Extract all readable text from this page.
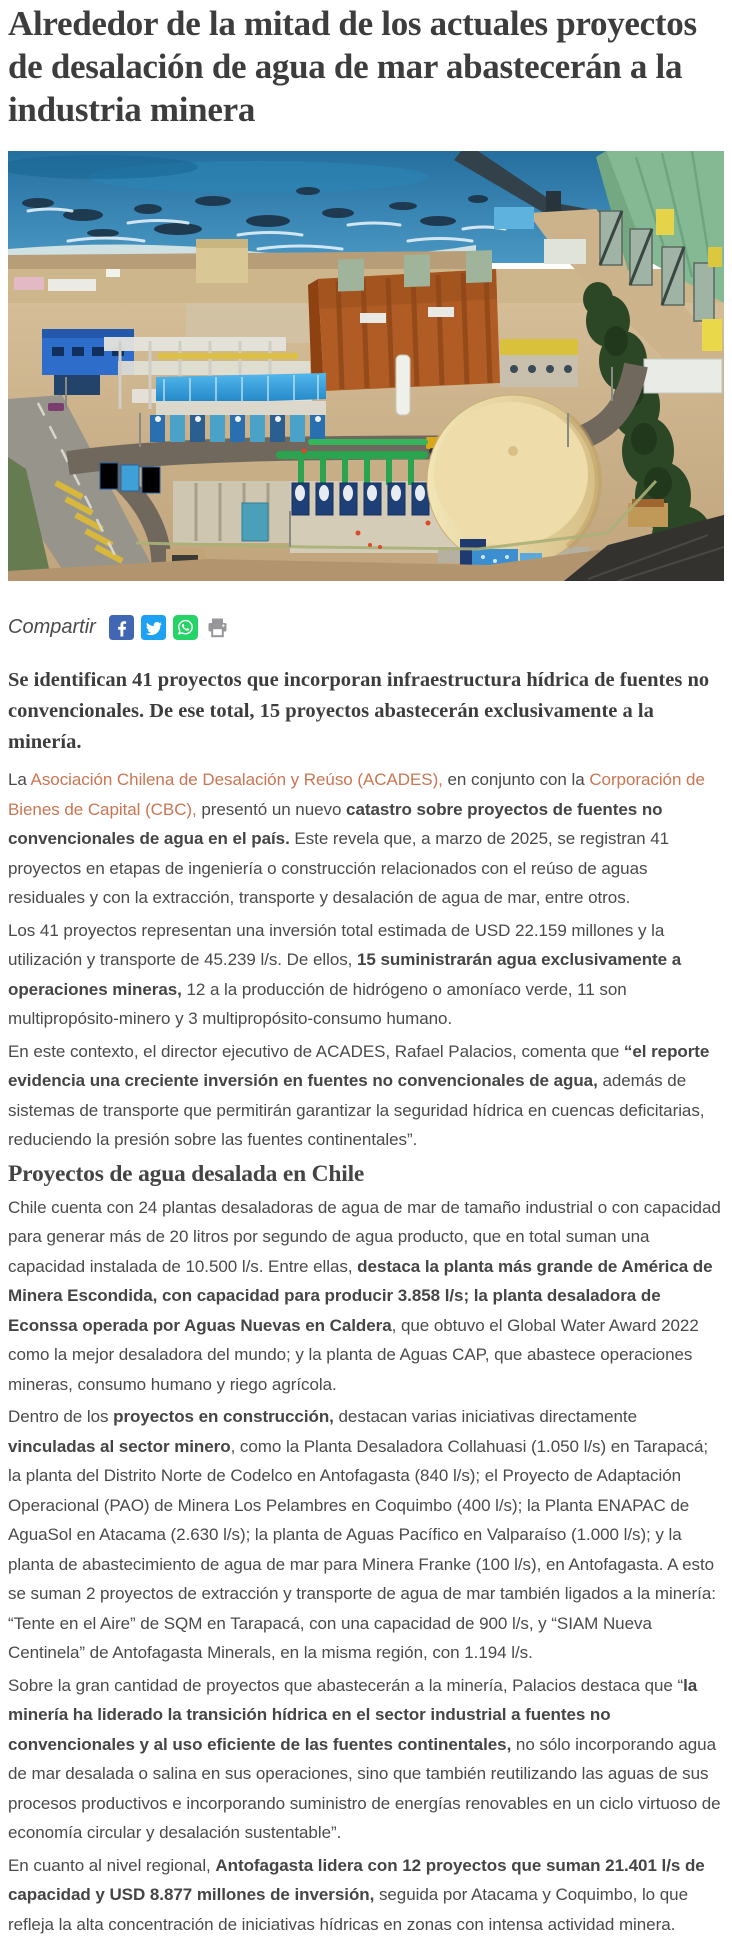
Alrededor de la mitad de los actuales proyectos de desalación de agua de mar abastecerán a la industria minera
Compartir

Se identifican 41 proyectos que incorporan infraestructura hídrica de fuentes no convencionales. De ese total, 15 proyectos abastecerán exclusivamente a la minería.

La Asociación Chilena de Desalación y Reúso (ACADES), en conjunto con la Corporación de Bienes de Capital (CBC), presentó un nuevo catastro sobre proyectos de fuentes no convencionales de agua en el país. Este revela que, a marzo de 2025, se registran 41 proyectos en etapas de ingeniería o construcción relacionados con el reúso de aguas residuales y con la extracción, transporte y desalación de agua de mar, entre otros.

Los 41 proyectos representan una inversión total estimada de USD 22.159 millones y la utilización y transporte de 45.239 l/s. De ellos, 15 suministrarán agua exclusivamente a operaciones mineras, 12 a la producción de hidrógeno o amoníaco verde, 11 son multipropósito-minero y 3 multipropósito-consumo humano.

En este contexto, el director ejecutivo de ACADES, Rafael Palacios, comenta que “el reporte evidencia una creciente inversión en fuentes no convencionales de agua, además de sistemas de transporte que permitirán garantizar la seguridad hídrica en cuencas deficitarias, reduciendo la presión sobre las fuentes continentales”.

Proyectos de agua desalada en Chile

Chile cuenta con 24 plantas desaladoras de agua de mar de tamaño industrial o con capacidad para generar más de 20 litros por segundo de agua producto, que en total suman una capacidad instalada de 10.500 l/s. Entre ellas, destaca la planta más grande de América de Minera Escondida, con capacidad para producir 3.858 l/s; la planta desaladora de Econssa operada por Aguas Nuevas en Caldera, que obtuvo el Global Water Award 2022 como la mejor desaladora del mundo; y la planta de Aguas CAP, que abastece operaciones mineras, consumo humano y riego agrícola.

Dentro de los proyectos en construcción, destacan varias iniciativas directamente vinculadas al sector minero, como la Planta Desaladora Collahuasi (1.050 l/s) en Tarapacá; la planta del Distrito Norte de Codelco en Antofagasta (840 l/s); el Proyecto de Adaptación Operacional (PAO) de Minera Los Pelambres en Coquimbo (400 l/s); la Planta ENAPAC de AguaSol en Atacama (2.630 l/s); la planta de Aguas Pacífico en Valparaíso (1.000 l/s); y la planta de abastecimiento de agua de mar para Minera Franke (100 l/s), en Antofagasta. A esto se suman 2 proyectos de extracción y transporte de agua de mar también ligados a la minería: “Tente en el Aire” de SQM en Tarapacá, con una capacidad de 900 l/s, y “SIAM Nueva Centinela” de Antofagasta Minerals, en la misma región, con 1.194 l/s.

Sobre la gran cantidad de proyectos que abastecerán a la minería, Palacios destaca que “la minería ha liderado la transición hídrica en el sector industrial a fuentes no convencionales y al uso eficiente de las fuentes continentales, no sólo incorporando agua de mar desalada o salina en sus operaciones, sino que también reutilizando las aguas de sus procesos productivos e incorporando suministro de energías renovables en un ciclo virtuoso de economía circular y desalación sustentable”.

En cuanto al nivel regional, Antofagasta lidera con 12 proyectos que suman 21.401 l/s de capacidad y USD 8.877 millones de inversión, seguida por Atacama y Coquimbo, lo que refleja la alta concentración de iniciativas hídricas en zonas con intensa actividad minera.
